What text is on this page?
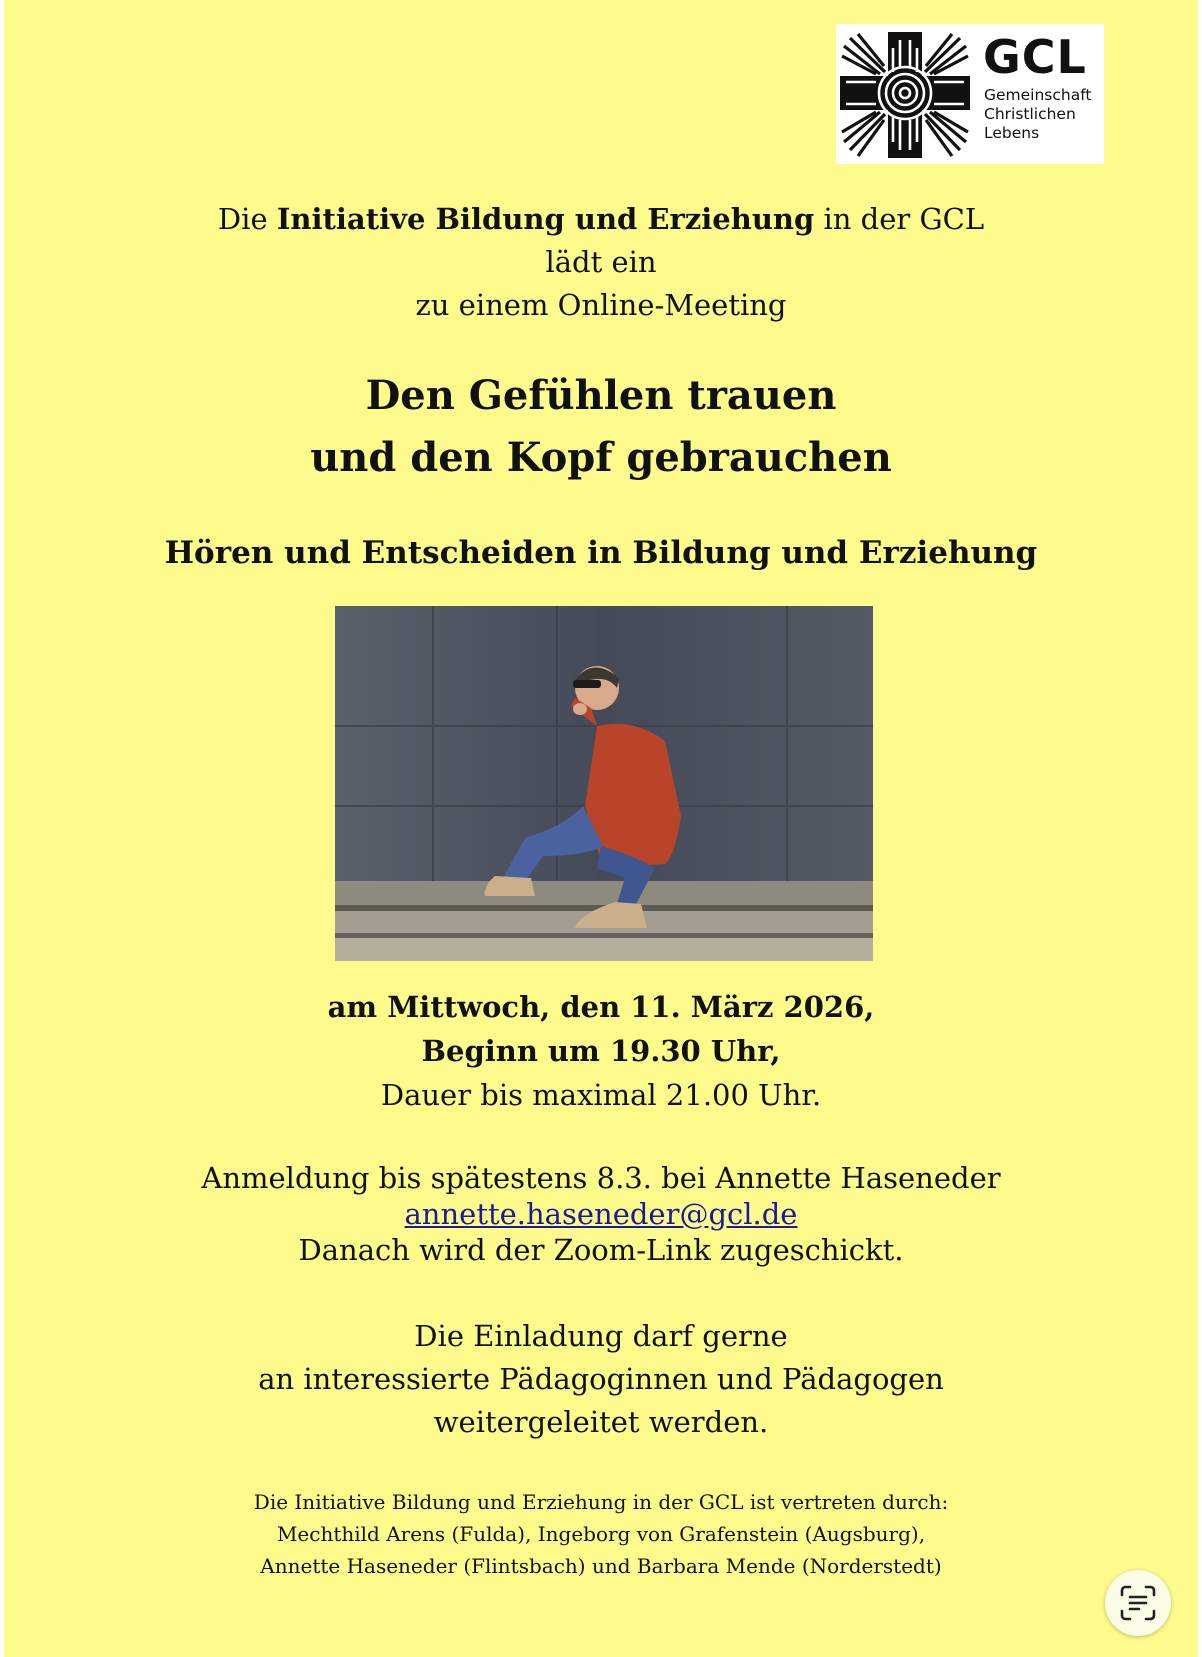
GCL
Gemeinschaft
Christlichen
Lebens
Die Initiative Bildung und Erziehung in der GCL
lädt ein
zu einem Online-Meeting
Den Gefühlen trauen
und den Kopf gebrauchen
Hören und Entscheiden in Bildung und Erziehung
am Mittwoch, den 11. März 2026,
Beginn um 19.30 Uhr,
Dauer bis maximal 21.00 Uhr.
Anmeldung bis spätestens 8.3. bei Annette Haseneder
annette.haseneder@gcl.de
Danach wird der Zoom-Link zugeschickt.
Die Einladung darf gerne
an interessierte Pädagoginnen und Pädagogen
weitergeleitet werden.
Die Initiative Bildung und Erziehung in der GCL ist vertreten durch:
Mechthild Arens (Fulda), Ingeborg von Grafenstein (Augsburg),
Annette Haseneder (Flintsbach) und Barbara Mende (Norderstedt)
